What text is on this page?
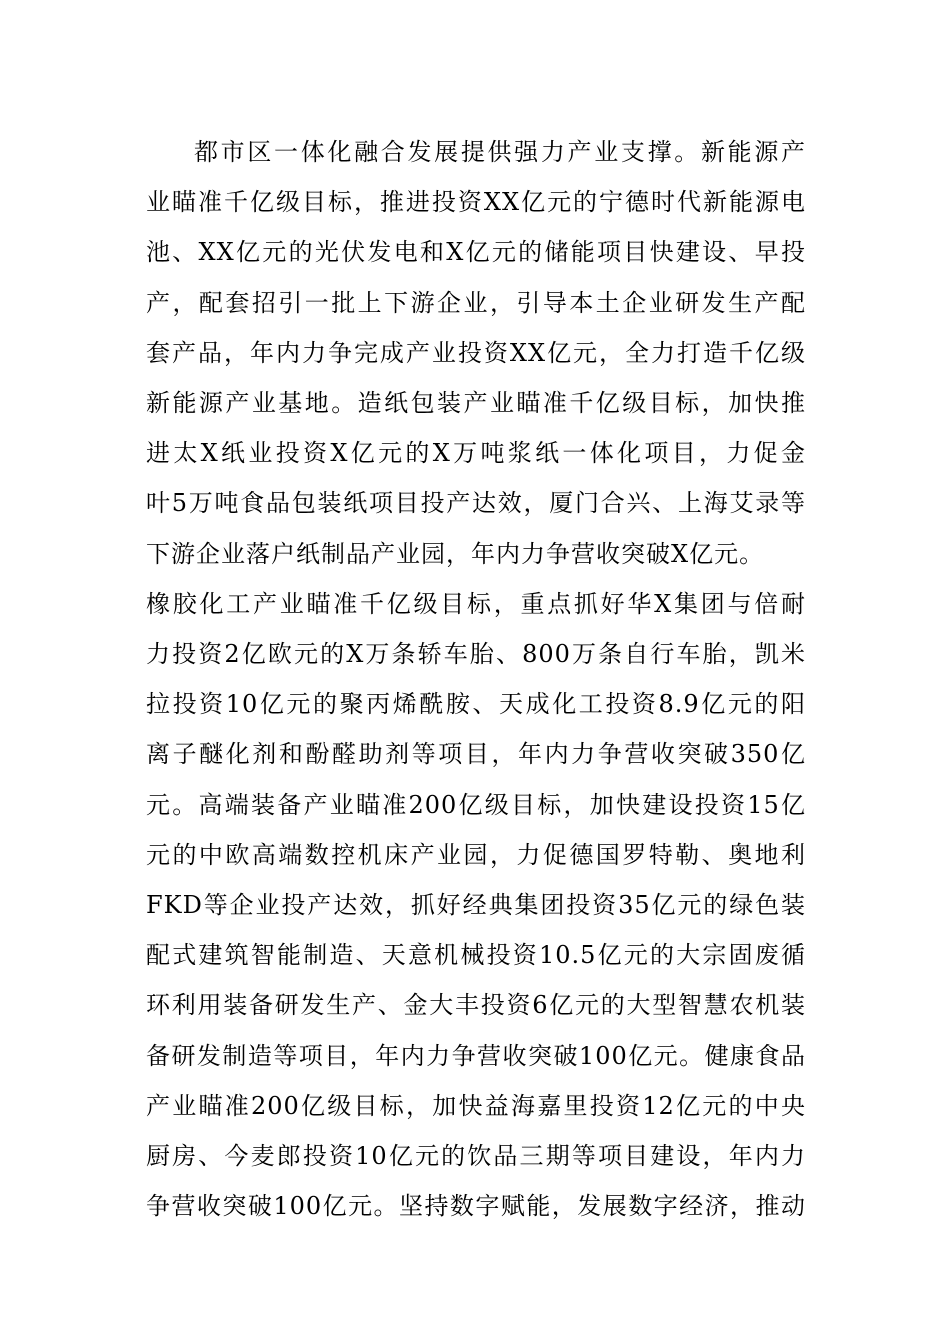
都市区一体化融合发展提供强力产业支撑。新能源产
业瞄准千亿级目标，推进投资XX亿元的宁德时代新能源电
池、XX亿元的光伏发电和X亿元的储能项目快建设、早投
产，配套招引一批上下游企业，引导本土企业研发生产配
套产品，年内力争完成产业投资XX亿元，全力打造千亿级
新能源产业基地。造纸包装产业瞄准千亿级目标，加快推
进太X纸业投资X亿元的X万吨浆纸一体化项目，力促金
叶5万吨食品包装纸项目投产达效，厦门合兴、上海艾录等
下游企业落户纸制品产业园，年内力争营收突破X亿元。
橡胶化工产业瞄准千亿级目标，重点抓好华X集团与倍耐
力投资2亿欧元的X万条轿车胎、800万条自行车胎，凯米
拉投资10亿元的聚丙烯酰胺、天成化工投资8.9亿元的阳
离子醚化剂和酚醛助剂等项目，年内力争营收突破350亿
元。高端装备产业瞄准200亿级目标，加快建设投资15亿
元的中欧高端数控机床产业园，力促德国罗特勒、奥地利
FKD等企业投产达效，抓好经典集团投资35亿元的绿色装
配式建筑智能制造、天意机械投资10.5亿元的大宗固废循
环利用装备研发生产、金大丰投资6亿元的大型智慧农机装
备研发制造等项目，年内力争营收突破100亿元。健康食品
产业瞄准200亿级目标，加快益海嘉里投资12亿元的中央
厨房、今麦郎投资10亿元的饮品三期等项目建设，年内力
争营收突破100亿元。坚持数字赋能，发展数字经济，推动
